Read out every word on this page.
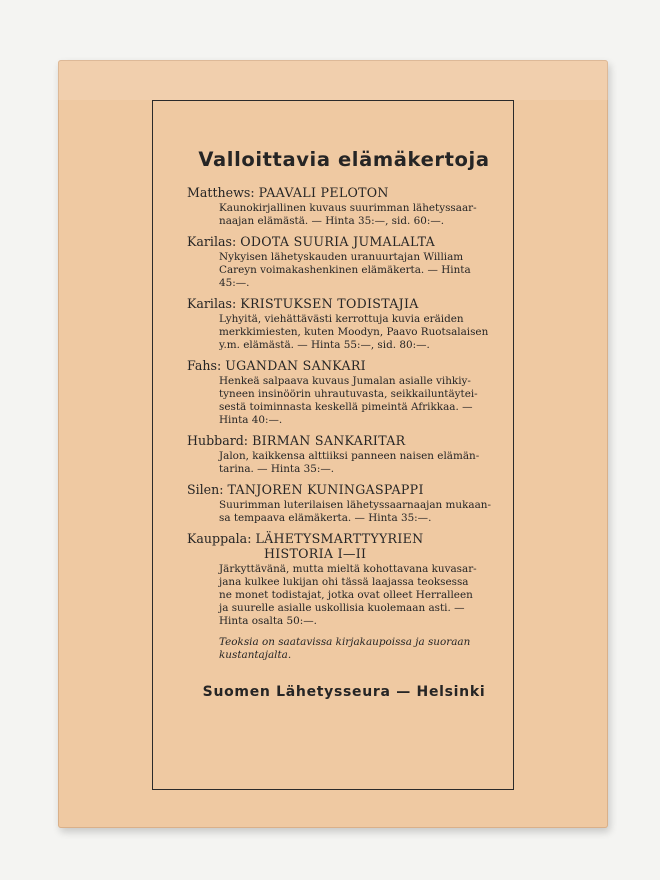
Valloittavia elämäkertoja
Matthews: PAAVALI PELOTON
Kaunokirjallinen kuvaus suurimman lähetyssaar-
naajan elämästä. — Hinta 35:—, sid. 60:—.
Karilas: ODOTA SUURIA JUMALALTA
Nykyisen lähetyskauden uranuurtajan William
Careyn voimakashenkinen elämäkerta. — Hinta
45:—.
Karilas: KRISTUKSEN TODISTAJIA
Lyhyitä, viehättävästi kerrottuja kuvia eräiden
merkkimiesten, kuten Moodyn, Paavo Ruotsalaisen
y.m. elämästä. — Hinta 55:—, sid. 80:—.
Fahs: UGANDAN SANKARI
Henkeä salpaava kuvaus Jumalan asialle vihkiy-
tyneen insinöörin uhrautuvasta, seikkailuntäytei-
sestä toiminnasta keskellä pimeintä Afrikkaa. —
Hinta 40:—.
Hubbard: BIRMAN SANKARITAR
Jalon, kaikkensa alttiiksi panneen naisen elämän-
tarina. — Hinta 35:—.
Silen: TANJOREN KUNINGASPAPPI
Suurimman luterilaisen lähetyssaarnaajan mukaan-
sa tempaava elämäkerta. — Hinta 35:—.
Kauppala: LÄHETYSMARTTYYRIEN
HISTORIA I—II
Järkyttävänä, mutta mieltä kohottavana kuvasar-
jana kulkee lukijan ohi tässä laajassa teoksessa
ne monet todistajat, jotka ovat olleet Herralleen
ja suurelle asialle uskollisia kuolemaan asti. —
Hinta osalta 50:—.
Teoksia on saatavissa kirjakaupoissa ja suoraan
kustantajalta.
Suomen Lähetysseura — Helsinki
